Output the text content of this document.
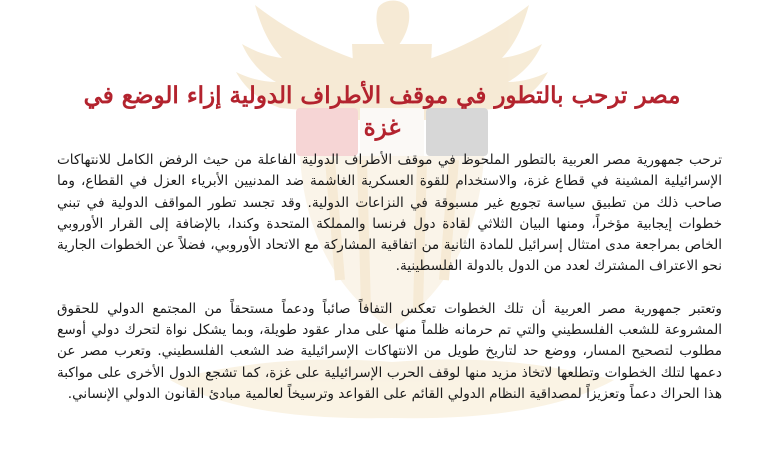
مصر ترحب بالتطور في موقف الأطراف الدولية إزاء الوضع في غزة

ترحب جمهورية مصر العربية بالتطور الملحوظ في موقف الأطراف الدولية الفاعلة من حيث الرفض الكامل للانتهاكات الإسرائيلية المشينة في قطاع غزة، والاستخدام للقوة العسكرية الغاشمة ضد المدنيين الأبرياء العزل في القطاع، وما صاحب ذلك من تطبيق سياسة تجويع غير مسبوقة في النزاعات الدولية. وقد تجسد تطور المواقف الدولية في تبني خطوات إيجابية مؤخراً، ومنها البيان الثلاثي لقادة دول فرنسا والمملكة المتحدة وكندا، بالإضافة إلى القرار الأوروبي الخاص بمراجعة مدى امتثال إسرائيل للمادة الثانية من اتفاقية المشاركة مع الاتحاد الأوروبي، فضلاً عن الخطوات الجارية نحو الاعتراف المشترك لعدد من الدول بالدولة الفلسطينية.

وتعتبر جمهورية مصر العربية أن تلك الخطوات تعكس التفافاً صائباً ودعماً مستحقاً من المجتمع الدولي للحقوق المشروعة للشعب الفلسطيني والتي تم حرمانه ظلماً منها على مدار عقود طويلة، وبما يشكل نواة لتحرك دولي أوسع مطلوب لتصحيح المسار، ووضع حد لتاريخ طويل من الانتهاكات الإسرائيلية ضد الشعب الفلسطيني. وتعرب مصر عن دعمها لتلك الخطوات وتطلعها لاتخاذ مزيد منها لوقف الحرب الإسرائيلية على غزة، كما تشجع الدول الأخرى على مواكبة هذا الحراك دعماً وتعزيزاً لمصداقية النظام الدولي القائم على القواعد وترسيخاً لعالمية مبادئ القانون الدولي الإنساني.
